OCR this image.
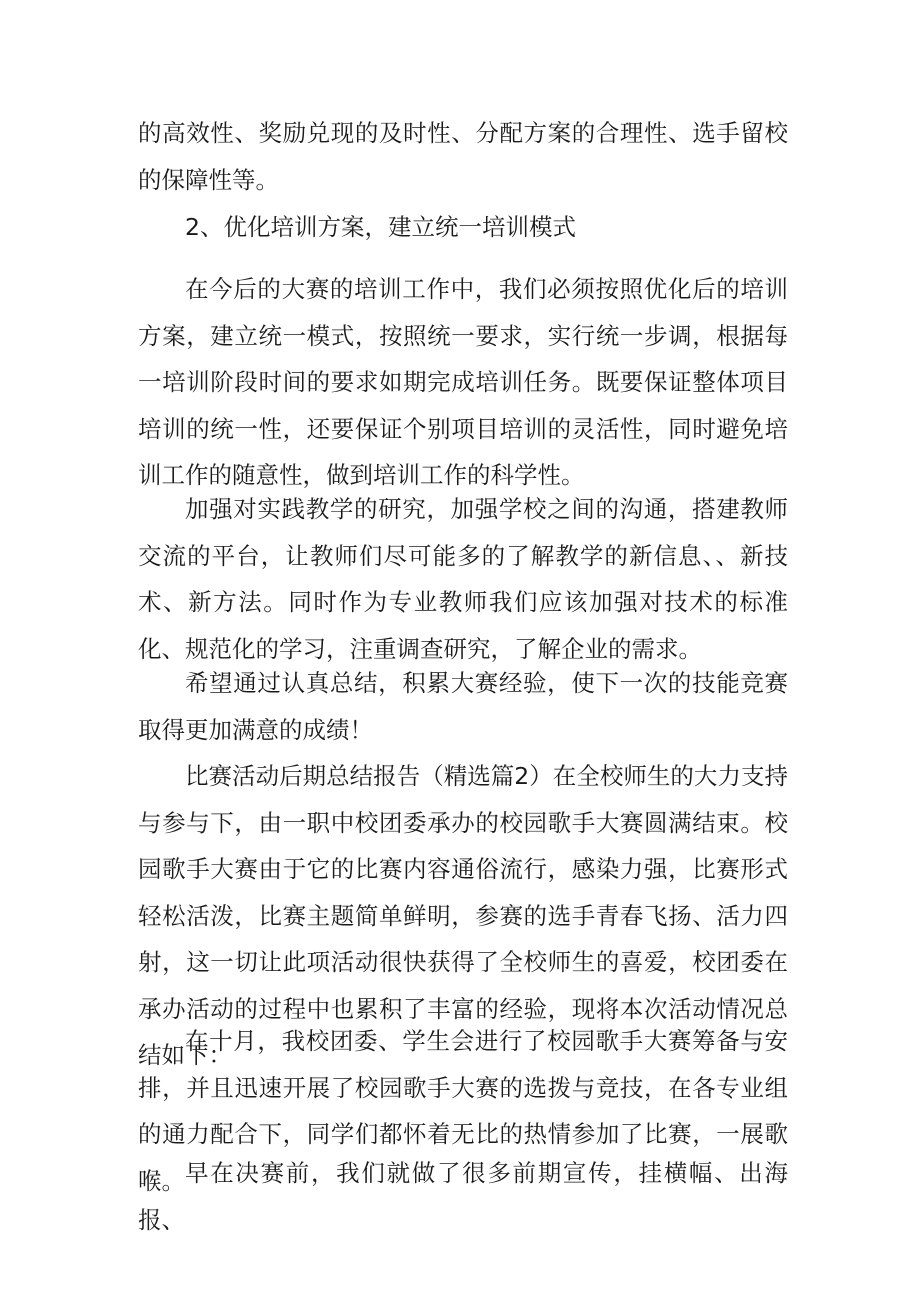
的高效性、奖励兑现的及时性、分配方案的合理性、选手留校的保障性等。

2、优化培训方案，建立统一培训模式

在今后的大赛的培训工作中，我们必须按照优化后的培训方案，建立统一模式，按照统一要求，实行统一步调，根据每一培训阶段时间的要求如期完成培训任务。既要保证整体项目培训的统一性，还要保证个别项目培训的灵活性，同时避免培训工作的随意性，做到培训工作的科学性。

加强对实践教学的研究，加强学校之间的沟通，搭建教师交流的平台，让教师们尽可能多的了解教学的新信息、、新技术、新方法。同时作为专业教师我们应该加强对技术的标准化、规范化的学习，注重调查研究，了解企业的需求。

希望通过认真总结，积累大赛经验，使下一次的技能竞赛取得更加满意的成绩！

比赛活动后期总结报告（精选篇2）在全校师生的大力支持与参与下，由一职中校团委承办的校园歌手大赛圆满结束。校园歌手大赛由于它的比赛内容通俗流行，感染力强，比赛形式轻松活泼，比赛主题简单鲜明，参赛的选手青春飞扬、活力四射，这一切让此项活动很快获得了全校师生的喜爱，校团委在承办活动的过程中也累积了丰富的经验，现将本次活动情况总结如下：

在十月，我校团委、学生会进行了校园歌手大赛筹备与安排，并且迅速开展了校园歌手大赛的选拨与竞技，在各专业组的通力配合下，同学们都怀着无比的热情参加了比赛，一展歌喉。 早在决赛前，我们就做了很多前期宣传，挂横幅、出海报、
